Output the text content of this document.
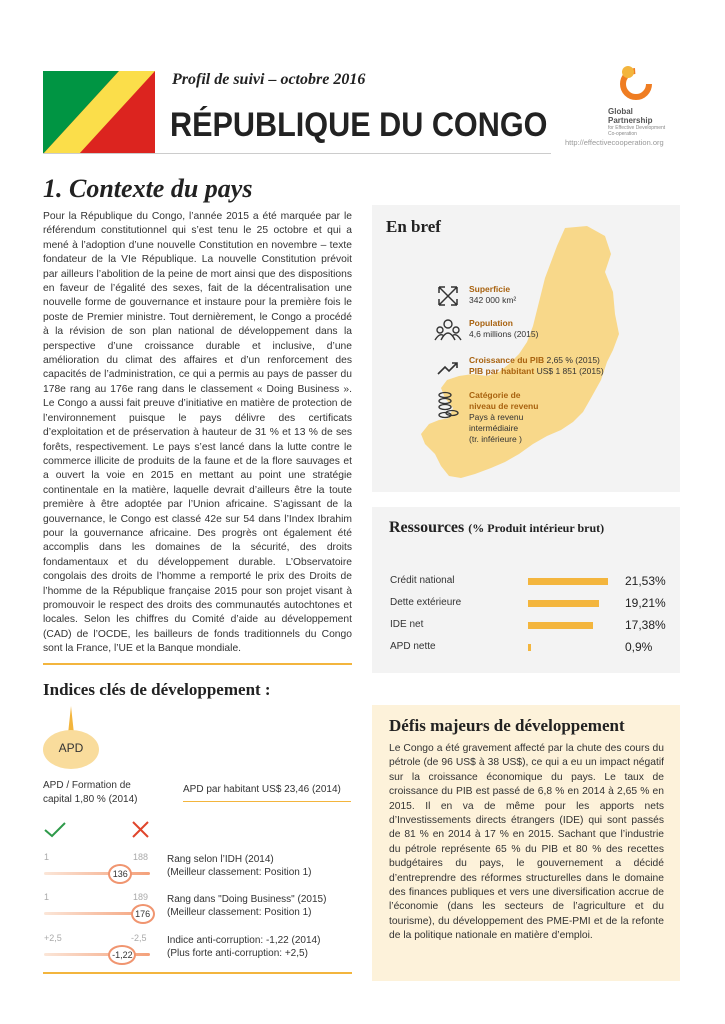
Profil de suivi – octobre 2016
RÉPUBLIQUE DU CONGO	Global
Partnership
for Effective Development
Co-operation
http://effectivecooperation.org
1. Contexte du pays
Pour la République du Congo, l’année 2015 a été marquée par le référendum constitutionnel qui s’est tenu le 25 octobre et qui a mené à l’adoption d’une nouvelle Constitution en novembre – texte fondateur de la VIe République. La nouvelle Constitution prévoit par ailleurs l’abolition de la peine de mort ainsi que des dispositions en faveur de l’égalité des sexes, fait de la décentralisation une nouvelle forme de gouvernance et instaure pour la première fois le poste de Premier ministre. Tout dernièrement, le Congo a procédé à la révision de son plan national de développement dans la perspective d’une croissance durable et inclusive, d’une amélioration du climat des affaires et d’un renforcement des capacités de l’administration, ce qui a permis au pays de passer du 178e rang au 176e rang dans le classement « Doing Business ». Le Congo a aussi fait preuve d’initiative en matière de protection de l’environnement puisque le pays délivre des certificats d’exploitation et de préservation à hauteur de 31 % et 13 % de ses forêts, respectivement. Le pays s’est lancé dans la lutte contre le commerce illicite de produits de la faune et de la flore sauvages et a ouvert la voie en 2015 en mettant au point une stratégie continentale en la matière, laquelle devrait d’ailleurs être la toute première à être adoptée par l’Union africaine. S’agissant de la gouvernance, le Congo est classé 42e sur 54 dans l’Index Ibrahim pour la gouvernance africaine. Des progrès ont également été accomplis dans les domaines de la sécurité, des droits fondamentaux et du développement durable. L’Observatoire congolais des droits de l’homme a remporté le prix des Droits de l’homme de la République française 2015 pour son projet visant à promouvoir le respect des droits des communautés autochtones et locales. Selon les chiffres du Comité d’aide au développement (CAD) de l’OCDE, les bailleurs de fonds traditionnels du Congo sont la France, l’UE et la Banque mondiale.
En bref
Superficie
342 000 km²
Population
4,6 millions (2015)
Croissance du PIB 2,65 % (2015)
PIB par habitant US$ 1 851 (2015)
Catégorie de
niveau de revenu
Pays à revenu
intermédiaire
(tr. inférieure )
Ressources (% Produit intérieur brut)
Crédit national	21,53%
Dette extérieure	19,21%
IDE net	17,38%
APD nette	0,9%
Indices clés de développement :
APD
APD / Formation de
capital 1,80 % (2014)
APD par habitant US$ 23,46 (2014)
1	188
136
Rang selon l’IDH (2014)
(Meilleur classement: Position 1)
1	189
176
Rang dans "Doing Business" (2015)
(Meilleur classement: Position 1)
+2,5	-2,5
-1,22
Indice anti-corruption: -1,22 (2014)
(Plus forte anti-corruption: +2,5)
Défis majeurs de développement
Le Congo a été gravement affecté par la chute des cours du pétrole (de 96 US$ à 38 US$), ce qui a eu un impact négatif sur la croissance économique du pays. Le taux de croissance du PIB est passé de 6,8 % en 2014 à 2,65 % en 2015. Il en va de même pour les apports nets d’Investissements directs étrangers (IDE) qui sont passés de 81 % en 2014 à 17 % en 2015. Sachant que l’industrie du pétrole représente 65 % du PIB et 80 % des recettes budgétaires du pays, le gouvernement a décidé d’entreprendre des réformes structurelles dans le domaine des finances publiques et vers une diversification accrue de l’économie (dans les secteurs de l’agriculture et du tourisme), du développement des PME-PMI et de la refonte de la politique nationale en matière d’emploi.
